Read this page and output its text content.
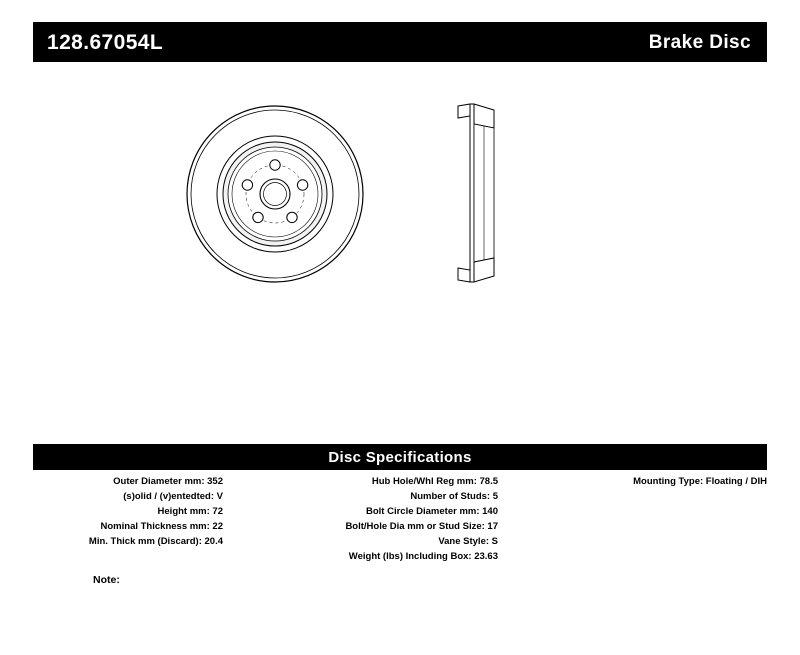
128.67054L	Brake Disc
Disc Specifications
Outer Diameter mm: 352
(s)olid / (v)entedted: V
Height mm: 72
Nominal Thickness mm: 22
Min. Thick mm (Discard): 20.4
Hub Hole/Whl Reg mm: 78.5
Number of Studs: 5
Bolt Circle Diameter mm: 140
Bolt/Hole Dia mm or Stud Size: 17
Vane Style: S
Weight (lbs) Including Box: 23.63
Mounting Type: Floating / DIH
Note:
